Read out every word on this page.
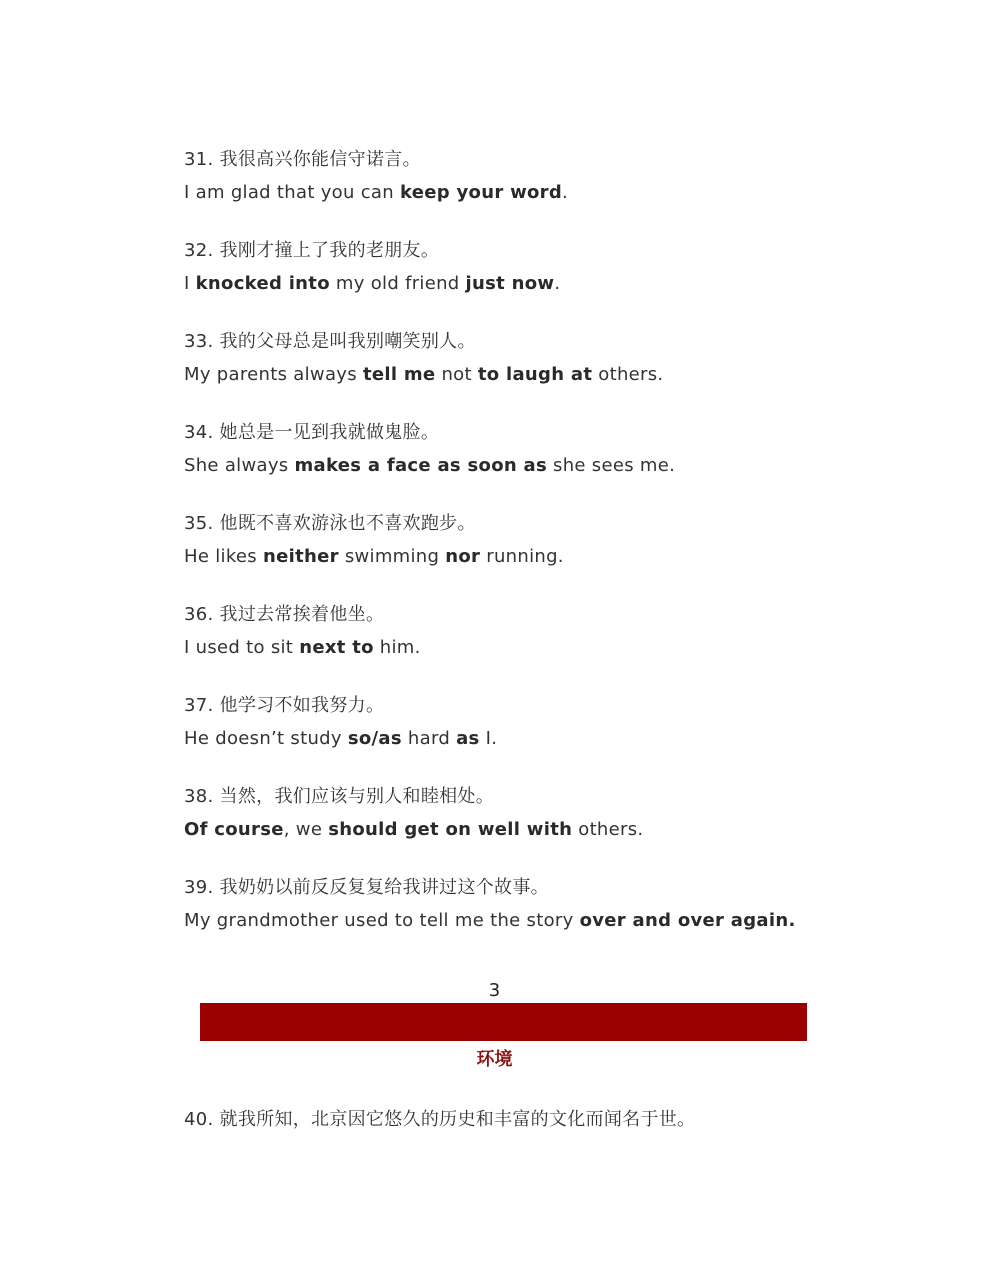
31. 我很高兴你能信守诺言。
I am glad that you can keep your word.
32. 我刚才撞上了我的老朋友。
I knocked into my old friend just now.
33. 我的父母总是叫我别嘲笑别人。
My parents always tell me not to laugh at others.
34. 她总是一见到我就做鬼脸。
She always makes a face as soon as she sees me.
35. 他既不喜欢游泳也不喜欢跑步。
He likes neither swimming nor running.
36. 我过去常挨着他坐。
I used to sit next to him.
37. 他学习不如我努力。
He doesn’t study so/as hard as I.
38. 当然，我们应该与别人和睦相处。
Of course, we should get on well with others.
39. 我奶奶以前反反复复给我讲过这个故事。
My grandmother used to tell me the story over and over again.
3
环境
40. 就我所知，北京因它悠久的历史和丰富的文化而闻名于世。
